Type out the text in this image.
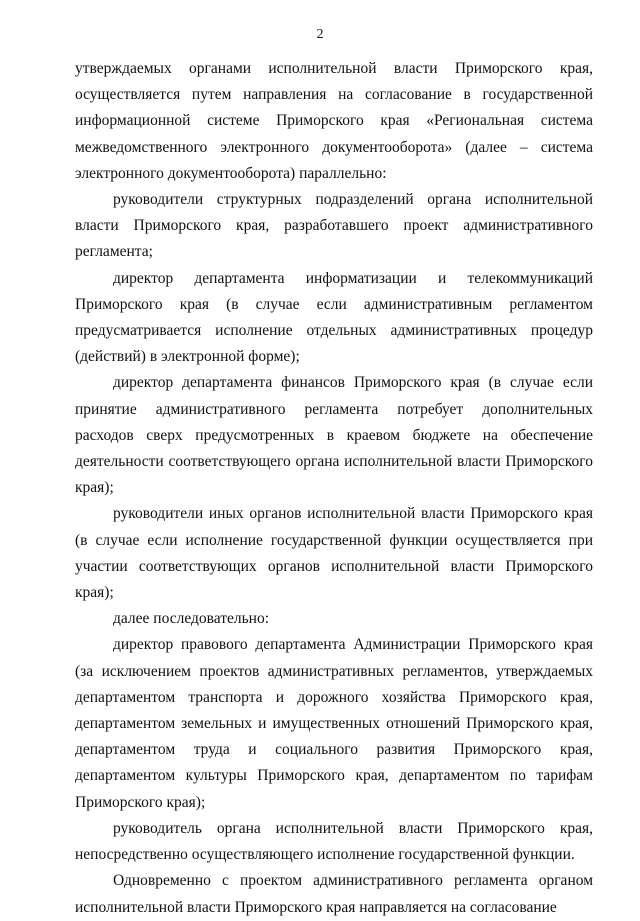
2

утверждаемых органами исполнительной власти Приморского края, осуществляется путем направления на согласование в государственной информационной системе Приморского края «Региональная система межведомственного электронного документооборота» (далее – система электронного документооборота) параллельно:

руководители структурных подразделений органа исполнительной власти Приморского края, разработавшего проект административного регламента;

директор департамента информатизации и телекоммуникаций Приморского края (в случае если административным регламентом предусматривается исполнение отдельных административных процедур (действий) в электронной форме);

директор департамента финансов Приморского края (в случае если принятие административного регламента потребует дополнительных расходов сверх предусмотренных в краевом бюджете на обеспечение деятельности соответствующего органа исполнительной власти Приморского края);

руководители иных органов исполнительной власти Приморского края (в случае если исполнение государственной функции осуществляется при участии соответствующих органов исполнительной власти Приморского края);

далее последовательно:

директор правового департамента Администрации Приморского края (за исключением проектов административных регламентов, утверждаемых департаментом транспорта и дорожного хозяйства Приморского края, департаментом земельных и имущественных отношений Приморского края, департаментом труда и социального развития Приморского края, департаментом культуры Приморского края, департаментом по тарифам Приморского края);

руководитель органа исполнительной власти Приморского края, непосредственно осуществляющего исполнение государственной функции.

Одновременно с проектом административного регламента органом исполнительной власти Приморского края направляется на согласование
